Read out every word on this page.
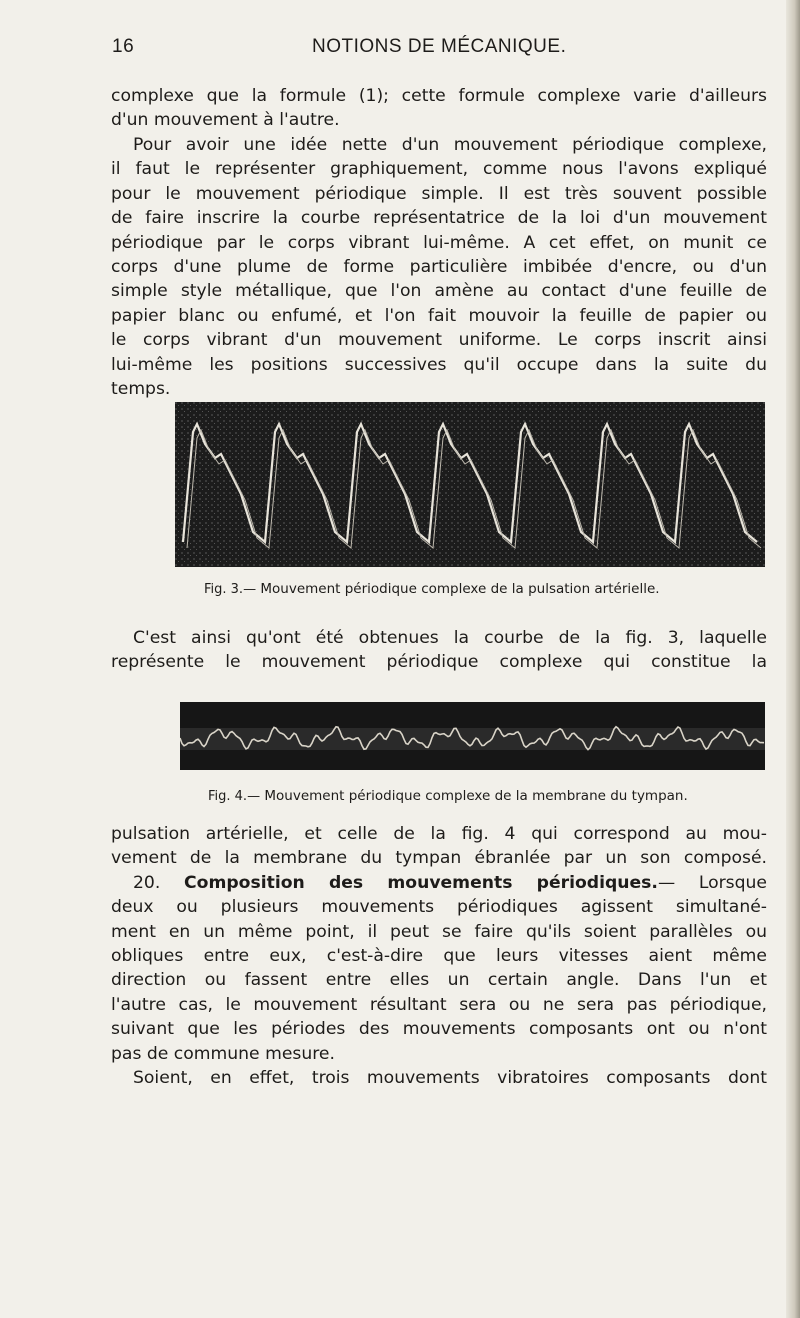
16	NOTIONS DE MÉCANIQUE.
complexe que la formule (1); cette formule complexe varie d'ailleurs
d'un mouvement à l'autre.
Pour avoir une idée nette d'un mouvement périodique complexe,
il faut le représenter graphiquement, comme nous l'avons expliqué
pour le mouvement périodique simple. Il est très souvent possible
de faire inscrire la courbe représentatrice de la loi d'un mouvement
périodique par le corps vibrant lui-même. A cet effet, on munit ce
corps d'une plume de forme particulière imbibée d'encre, ou d'un
simple style métallique, que l'on amène au contact d'une feuille de
papier blanc ou enfumé, et l'on fait mouvoir la feuille de papier ou
le corps vibrant d'un mouvement uniforme. Le corps inscrit ainsi
lui-même les positions successives qu'il occupe dans la suite du
temps.
Fig. 3.— Mouvement périodique complexe de la pulsation artérielle.
C'est ainsi qu'ont été obtenues la courbe de la fig. 3, laquelle
représente le mouvement périodique complexe qui constitue la
Fig. 4.— Mouvement périodique complexe de la membrane du tympan.
pulsation artérielle, et celle de la fig. 4 qui correspond au mou-
vement de la membrane du tympan ébranlée par un son composé.
20. Composition des mouvements périodiques.— Lorsque
deux ou plusieurs mouvements périodiques agissent simultané-
ment en un même point, il peut se faire qu'ils soient parallèles ou
obliques entre eux, c'est-à-dire que leurs vitesses aient même
direction ou fassent entre elles un certain angle. Dans l'un et
l'autre cas, le mouvement résultant sera ou ne sera pas périodique,
suivant que les périodes des mouvements composants ont ou n'ont
pas de commune mesure.
Soient, en effet, trois mouvements vibratoires composants dont
